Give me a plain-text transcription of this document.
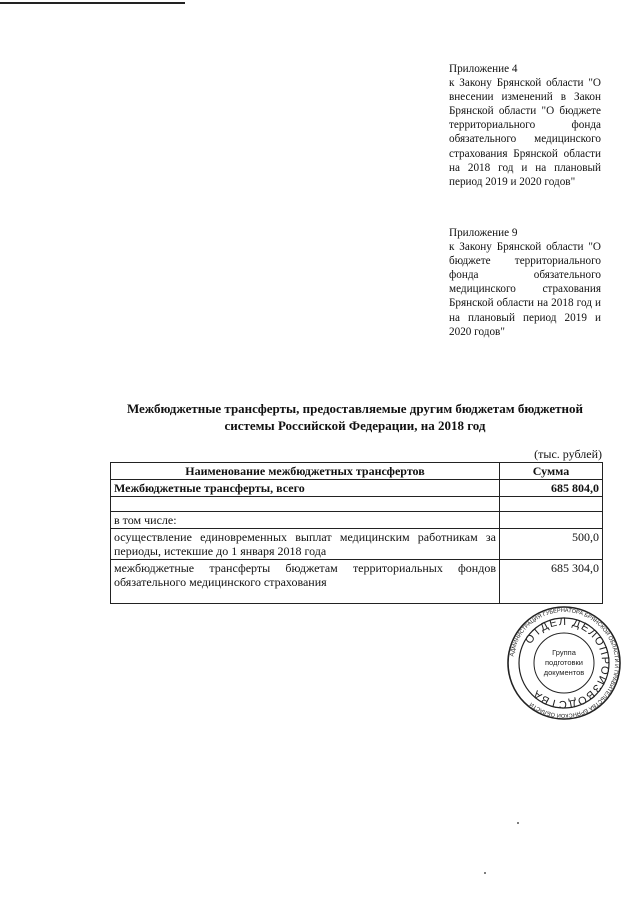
Приложение 4
к Закону Брянской области "О внесении изменений в Закон Брянской области "О бюджете территориального фонда обязательного медицинского страхования Брянской области на 2018 год и на плановый период 2019 и 2020 годов"
Приложение 9
к Закону Брянской области "О бюджете территориального фонда обязательного медицинского страхования Брянской области на 2018 год и на плановый период 2019 и 2020 годов"
Межбюджетные трансферты, предоставляемые другим бюджетам бюджетной системы Российской Федерации, на 2018 год
(тыс. рублей)
Наименование межбюджетных трансфертов	Сумма
Межбюджетные трансферты, всего	685 804,0

в том числе:	
осуществление единовременных выплат медицинским работникам за периоды, истекшие до 1 января 2018 года	500,0
межбюджетные трансферты бюджетам территориальных фондов обязательного медицинского страхования	685 304,0
АДМИНИСТРАЦИЯ ГУБЕРНАТОРА БРЯНСКОЙ ОБЛАСТИ И ПРАВИТЕЛЬСТВА БРЯНСКОЙ ОБЛАСТИ
ОТДЕЛ ДЕЛОПРОИЗВОДСТВА
Группа
подготовки
документов
